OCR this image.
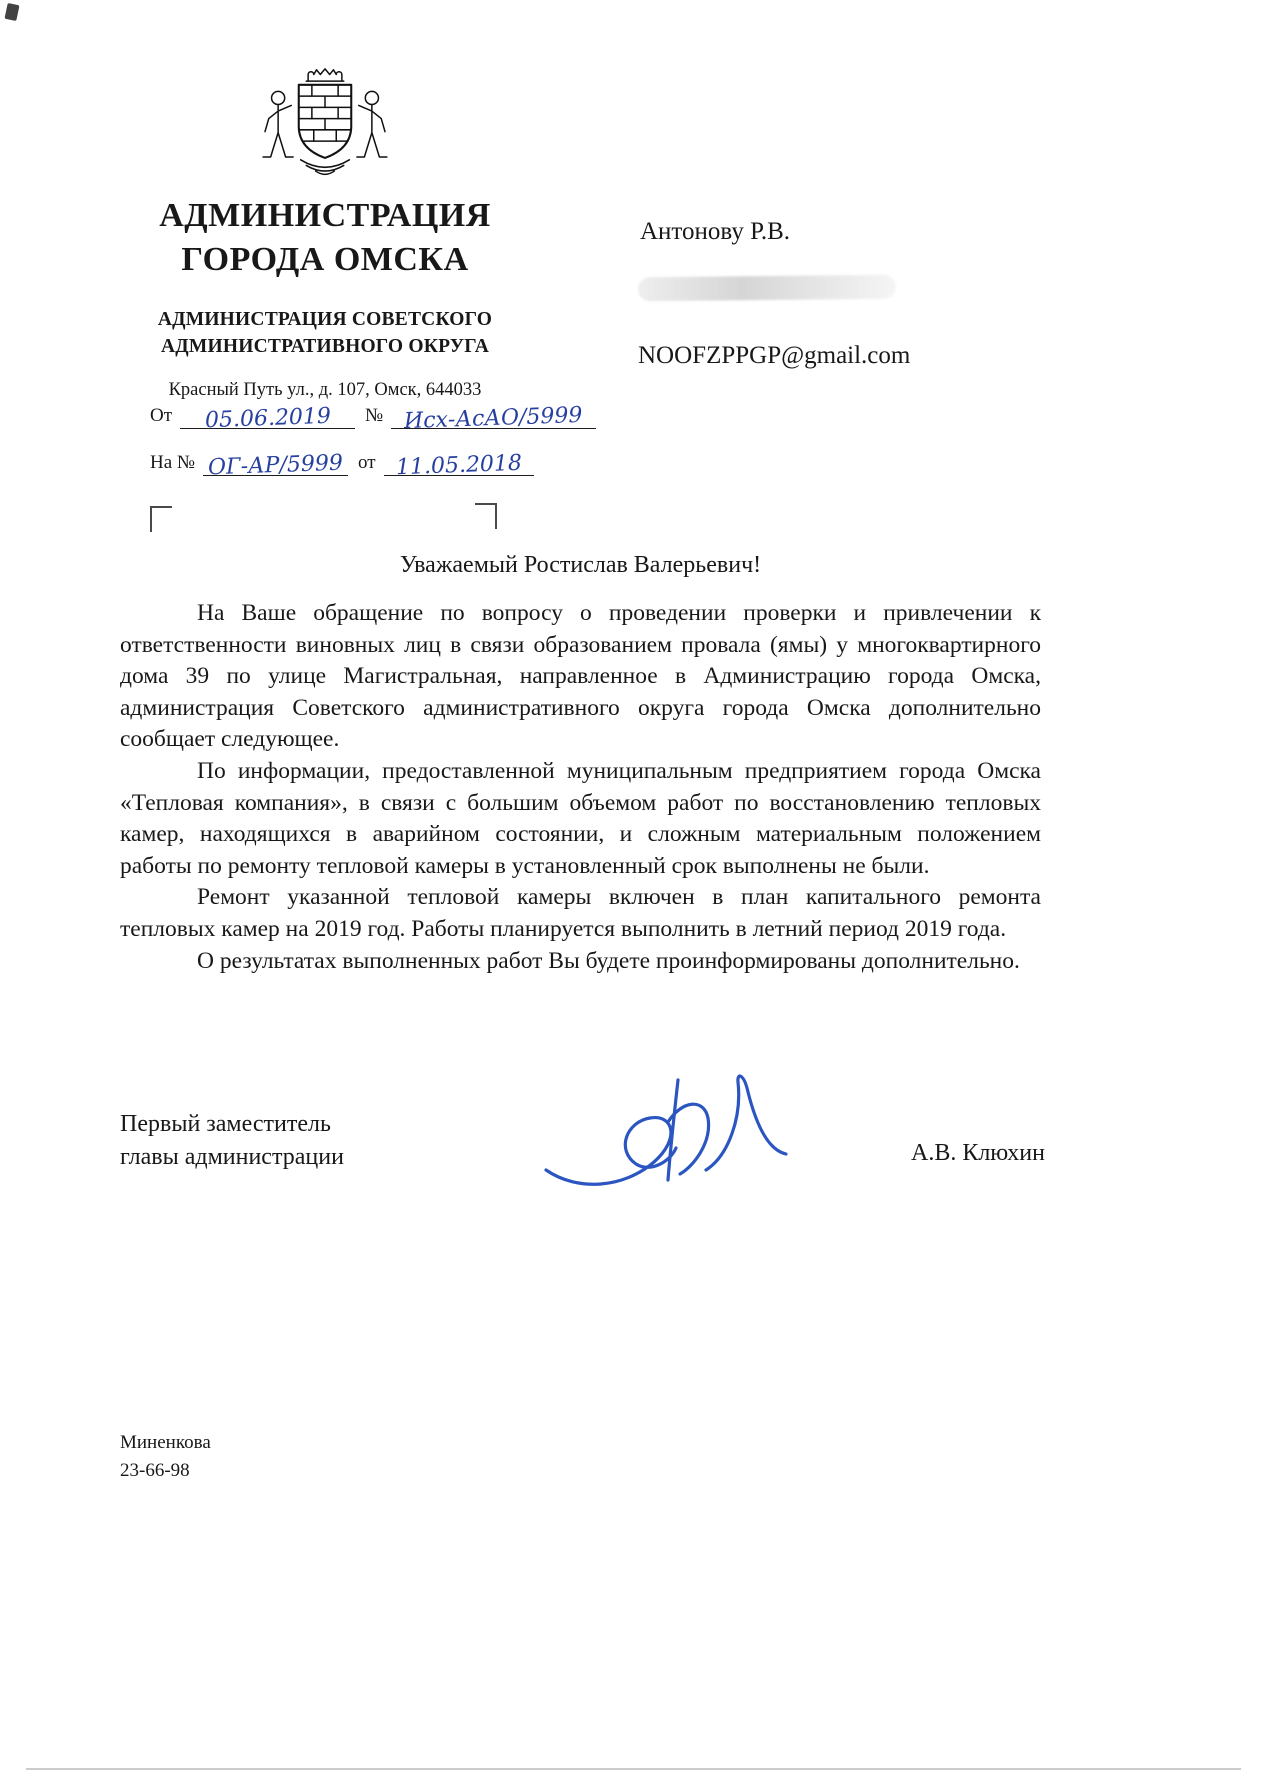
АДМИНИСТРАЦИЯ
ГОРОДА ОМСКА
АДМИНИСТРАЦИЯ СОВЕТСКОГО
АДМИНИСТРАТИВНОГО ОКРУГА
Красный Путь ул., д. 107, Омск, 644033
От	05.06.2019	№ Исх-АсАО/5999
На № ОГ-АР/5999 от 11.05.2018
Антонову Р.В.
NOOFZPPGP@gmail.com
Уважаемый Ростислав Валерьевич!

На Ваше обращение по вопросу о проведении проверки и привлечении к ответственности виновных лиц в связи образованием провала (ямы) у многоквартирного дома 39 по улице Магистральная, направленное в Администрацию города Омска, администрация Советского административного округа города Омска дополнительно сообщает следующее.

По информации, предоставленной муниципальным предприятием города Омска «Тепловая компания», в связи с большим объемом работ по восстановлению тепловых камер, находящихся в аварийном состоянии, и сложным материальным положением работы по ремонту тепловой камеры в установленный срок выполнены не были.

Ремонт указанной тепловой камеры включен в план капитального ремонта тепловых камер на 2019 год. Работы планируется выполнить в летний период 2019 года.

О результатах выполненных работ Вы будете проинформированы дополнительно.

Первый заместитель
главы администрации	А.В. Клюхин
Миненкова
23-66-98
